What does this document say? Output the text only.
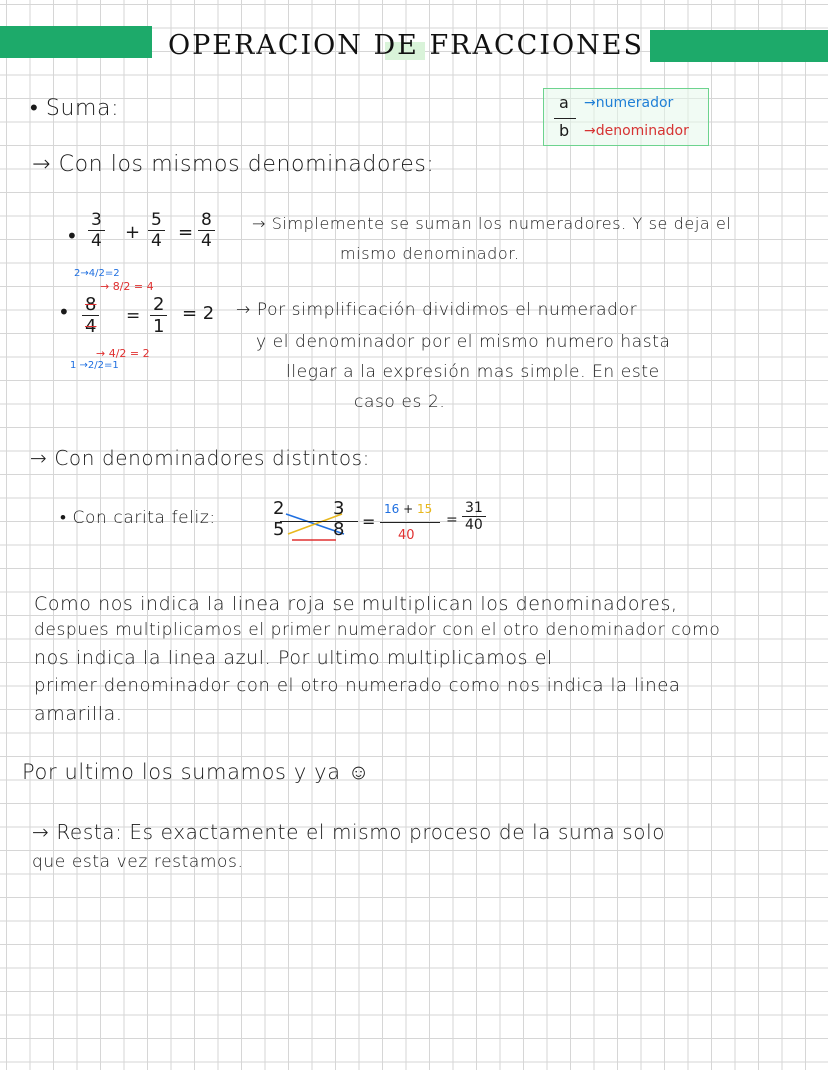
OPERACION DE FRACCIONES
a
b
→numerador
→denominador
• Suma:
→ Con los mismos denominadores:
• $\frac{3}{4} + \frac{5}{4} = \frac{8}{4}$ → Simplemente se suman los numeradores. Y se deja el
mismo denominador.
2→4/2=2
→ 8/2 = 4
• $\frac{8}{4} = \frac{2}{1} = 2$
→ 4/2 = 2
1 →2/2=1
→ Por simplificación dividimos el numerador
y el denominador por el mismo numero hasta
llegar a la expresión mas simple. En este
caso es 2.
→ Con denominadores distintos:
• Con carita feliz:	2
5
3
8 =
16 + 15
40
= $\frac{31}{40}$
Como nos indica la linea roja se multiplican los denominadores,
despues multiplicamos el primer numerador con el otro denominador como
nos indica la linea azul. Por ultimo multiplicamos el
primer denominador con el otro numerado como nos indica la linea
amarilla.
Por ultimo los sumamos y ya ☺
→ Resta: Es exactamente el mismo proceso de la suma solo
que esta vez restamos.
